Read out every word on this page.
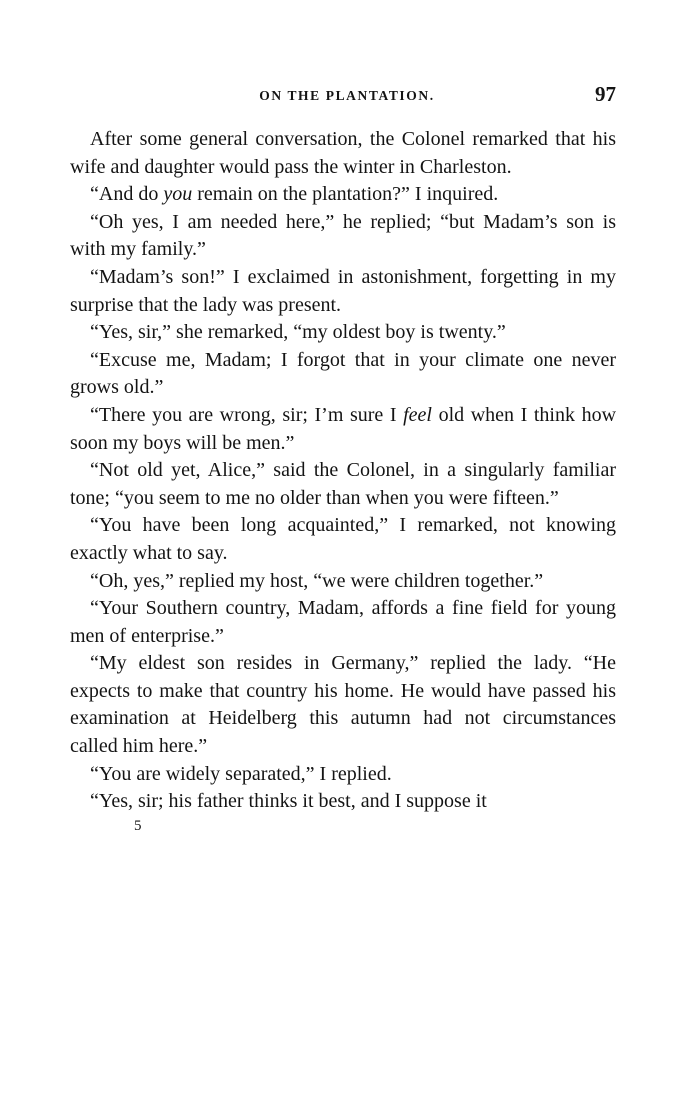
ON THE PLANTATION.	97

After some general conversation, the Colonel remarked that his wife and daughter would pass the winter in Charleston.

“And do you remain on the plantation?” I inquired.

“Oh yes, I am needed here,” he replied; “but Madam’s son is with my family.”

“Madam’s son!” I exclaimed in astonishment, forgetting in my surprise that the lady was present.

“Yes, sir,” she remarked, “my oldest boy is twenty.”

“Excuse me, Madam; I forgot that in your climate one never grows old.”

“There you are wrong, sir; I’m sure I feel old when I think how soon my boys will be men.”

“Not old yet, Alice,” said the Colonel, in a singularly familiar tone; “you seem to me no older than when you were fifteen.”

“You have been long acquainted,” I remarked, not knowing exactly what to say.

“Oh, yes,” replied my host, “we were children together.”

“Your Southern country, Madam, affords a fine field for young men of enterprise.”

“My eldest son resides in Germany,” replied the lady. “He expects to make that country his home. He would have passed his examination at Heidelberg this autumn had not circumstances called him here.”

“You are widely separated,” I replied.

“Yes, sir; his father thinks it best, and I suppose it

5
